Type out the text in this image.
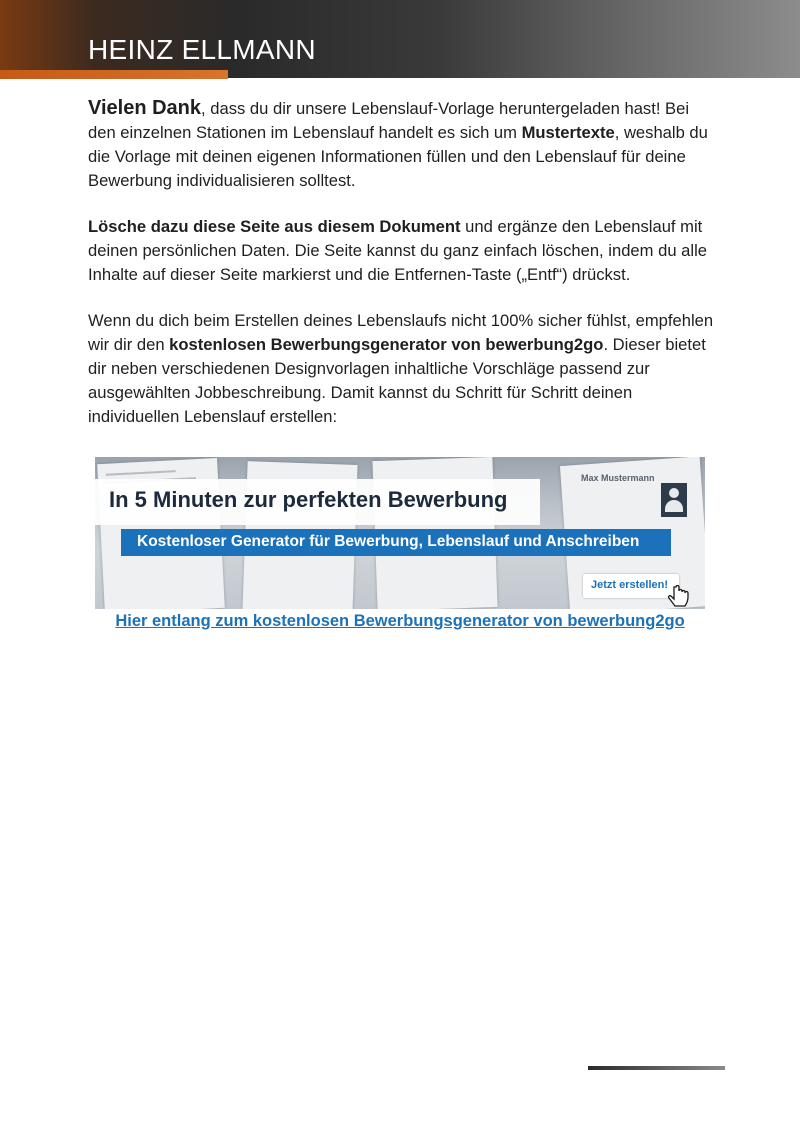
HEINZ ELLMANN

Vielen Dank, dass du dir unsere Lebenslauf-Vorlage heruntergeladen hast! Bei den einzelnen Stationen im Lebenslauf handelt es sich um Mustertexte, weshalb du die Vorlage mit deinen eigenen Informationen füllen und den Lebenslauf für deine Bewerbung individualisieren solltest.

Lösche dazu diese Seite aus diesem Dokument und ergänze den Lebenslauf mit deinen persönlichen Daten. Die Seite kannst du ganz einfach löschen, indem du alle Inhalte auf dieser Seite markierst und die Entfernen-Taste („Entf“) drückst.

Wenn du dich beim Erstellen deines Lebenslaufs nicht 100% sicher fühlst, empfehlen wir dir den kostenlosen Bewerbungsgenerator von bewerbung2go. Dieser bietet dir neben verschiedenen Designvorlagen inhaltliche Vorschläge passend zur ausgewählten Jobbeschreibung. Damit kannst du Schritt für Schritt deinen individuellen Lebenslauf erstellen:

Max Mustermann
In 5 Minuten zur perfekten Bewerbung
Kostenloser Generator für Bewerbung, Lebenslauf und Anschreiben
Jetzt erstellen!
Hier entlang zum kostenlosen Bewerbungsgenerator von bewerbung2go
